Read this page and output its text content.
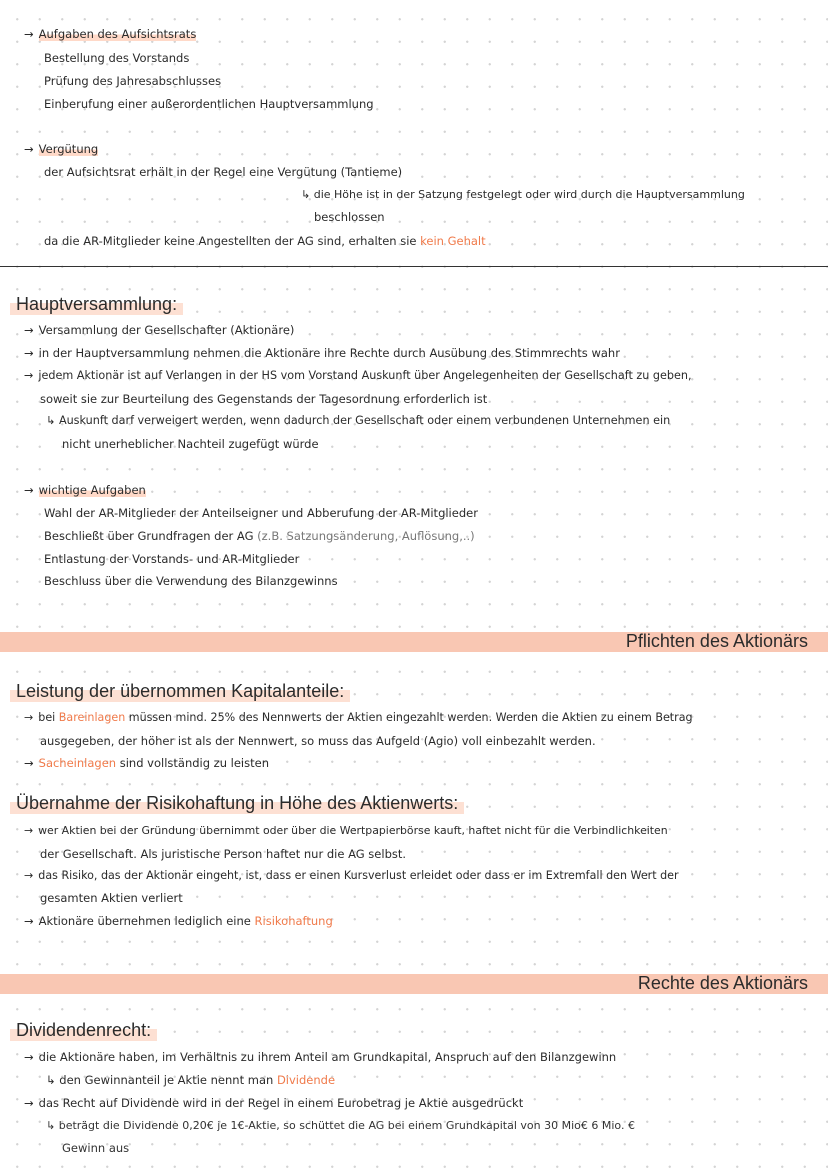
→ Aufgaben des Aufsichtsrats
Bestellung des Vorstands
Prüfung des Jahresabschlusses
Einberufung einer außerordentlichen Hauptversammlung
→ Vergütung
der Aufsichtsrat erhält in der Regel eine Vergütung (Tantieme)
↳ die Höhe ist in der Satzung festgelegt oder wird durch die Hauptversammlung
beschlossen
da die AR-Mitglieder keine Angestellten der AG sind, erhalten sie kein Gehalt
Hauptversammlung:
→ Versammlung der Gesellschafter (Aktionäre)
→ in der Hauptversammlung nehmen die Aktionäre ihre Rechte durch Ausübung des Stimmrechts wahr
→ jedem Aktionär ist auf Verlangen in der HS vom Vorstand Auskunft über Angelegenheiten der Gesellschaft zu geben,
soweit sie zur Beurteilung des Gegenstands der Tagesordnung erforderlich ist
↳ Auskunft darf verweigert werden, wenn dadurch der Gesellschaft oder einem verbundenen Unternehmen ein
nicht unerheblicher Nachteil zugefügt würde
→ wichtige Aufgaben
Wahl der AR-Mitglieder der Anteilseigner und Abberufung der AR-Mitglieder
Beschließt über Grundfragen der AG (z.B. Satzungsänderung, Auflösung,..)
Entlastung der Vorstands- und AR-Mitglieder
Beschluss über die Verwendung des Bilanzgewinns
Pflichten des Aktionärs
Leistung der übernommen Kapitalanteile:
→ bei Bareinlagen müssen mind. 25% des Nennwerts der Aktien eingezahlt werden. Werden die Aktien zu einem Betrag
ausgegeben, der höher ist als der Nennwert, so muss das Aufgeld (Agio) voll einbezahlt werden.
→ Sacheinlagen sind vollständig zu leisten
Übernahme der Risikohaftung in Höhe des Aktienwerts:
→ wer Aktien bei der Gründung übernimmt oder über die Wertpapierbörse kauft, haftet nicht für die Verbindlichkeiten
der Gesellschaft. Als juristische Person haftet nur die AG selbst.
→ das Risiko, das der Aktionär eingeht, ist, dass er einen Kursverlust erleidet oder dass er im Extremfall den Wert der
gesamten Aktien verliert
→ Aktionäre übernehmen lediglich eine Risikohaftung
Rechte des Aktionärs
Dividendenrecht:
→ die Aktionäre haben, im Verhältnis zu ihrem Anteil am Grundkapital, Anspruch auf den Bilanzgewinn
↳ den Gewinnanteil je Aktie nennt man Dividende
→ das Recht auf Dividende wird in der Regel in einem Eurobetrag je Aktie ausgedrückt
↳ beträgt die Dividende 0,20€ je 1€-Aktie, so schüttet die AG bei einem Grundkapital von 30 Mio€ 6 Mio. €
Gewinn aus
